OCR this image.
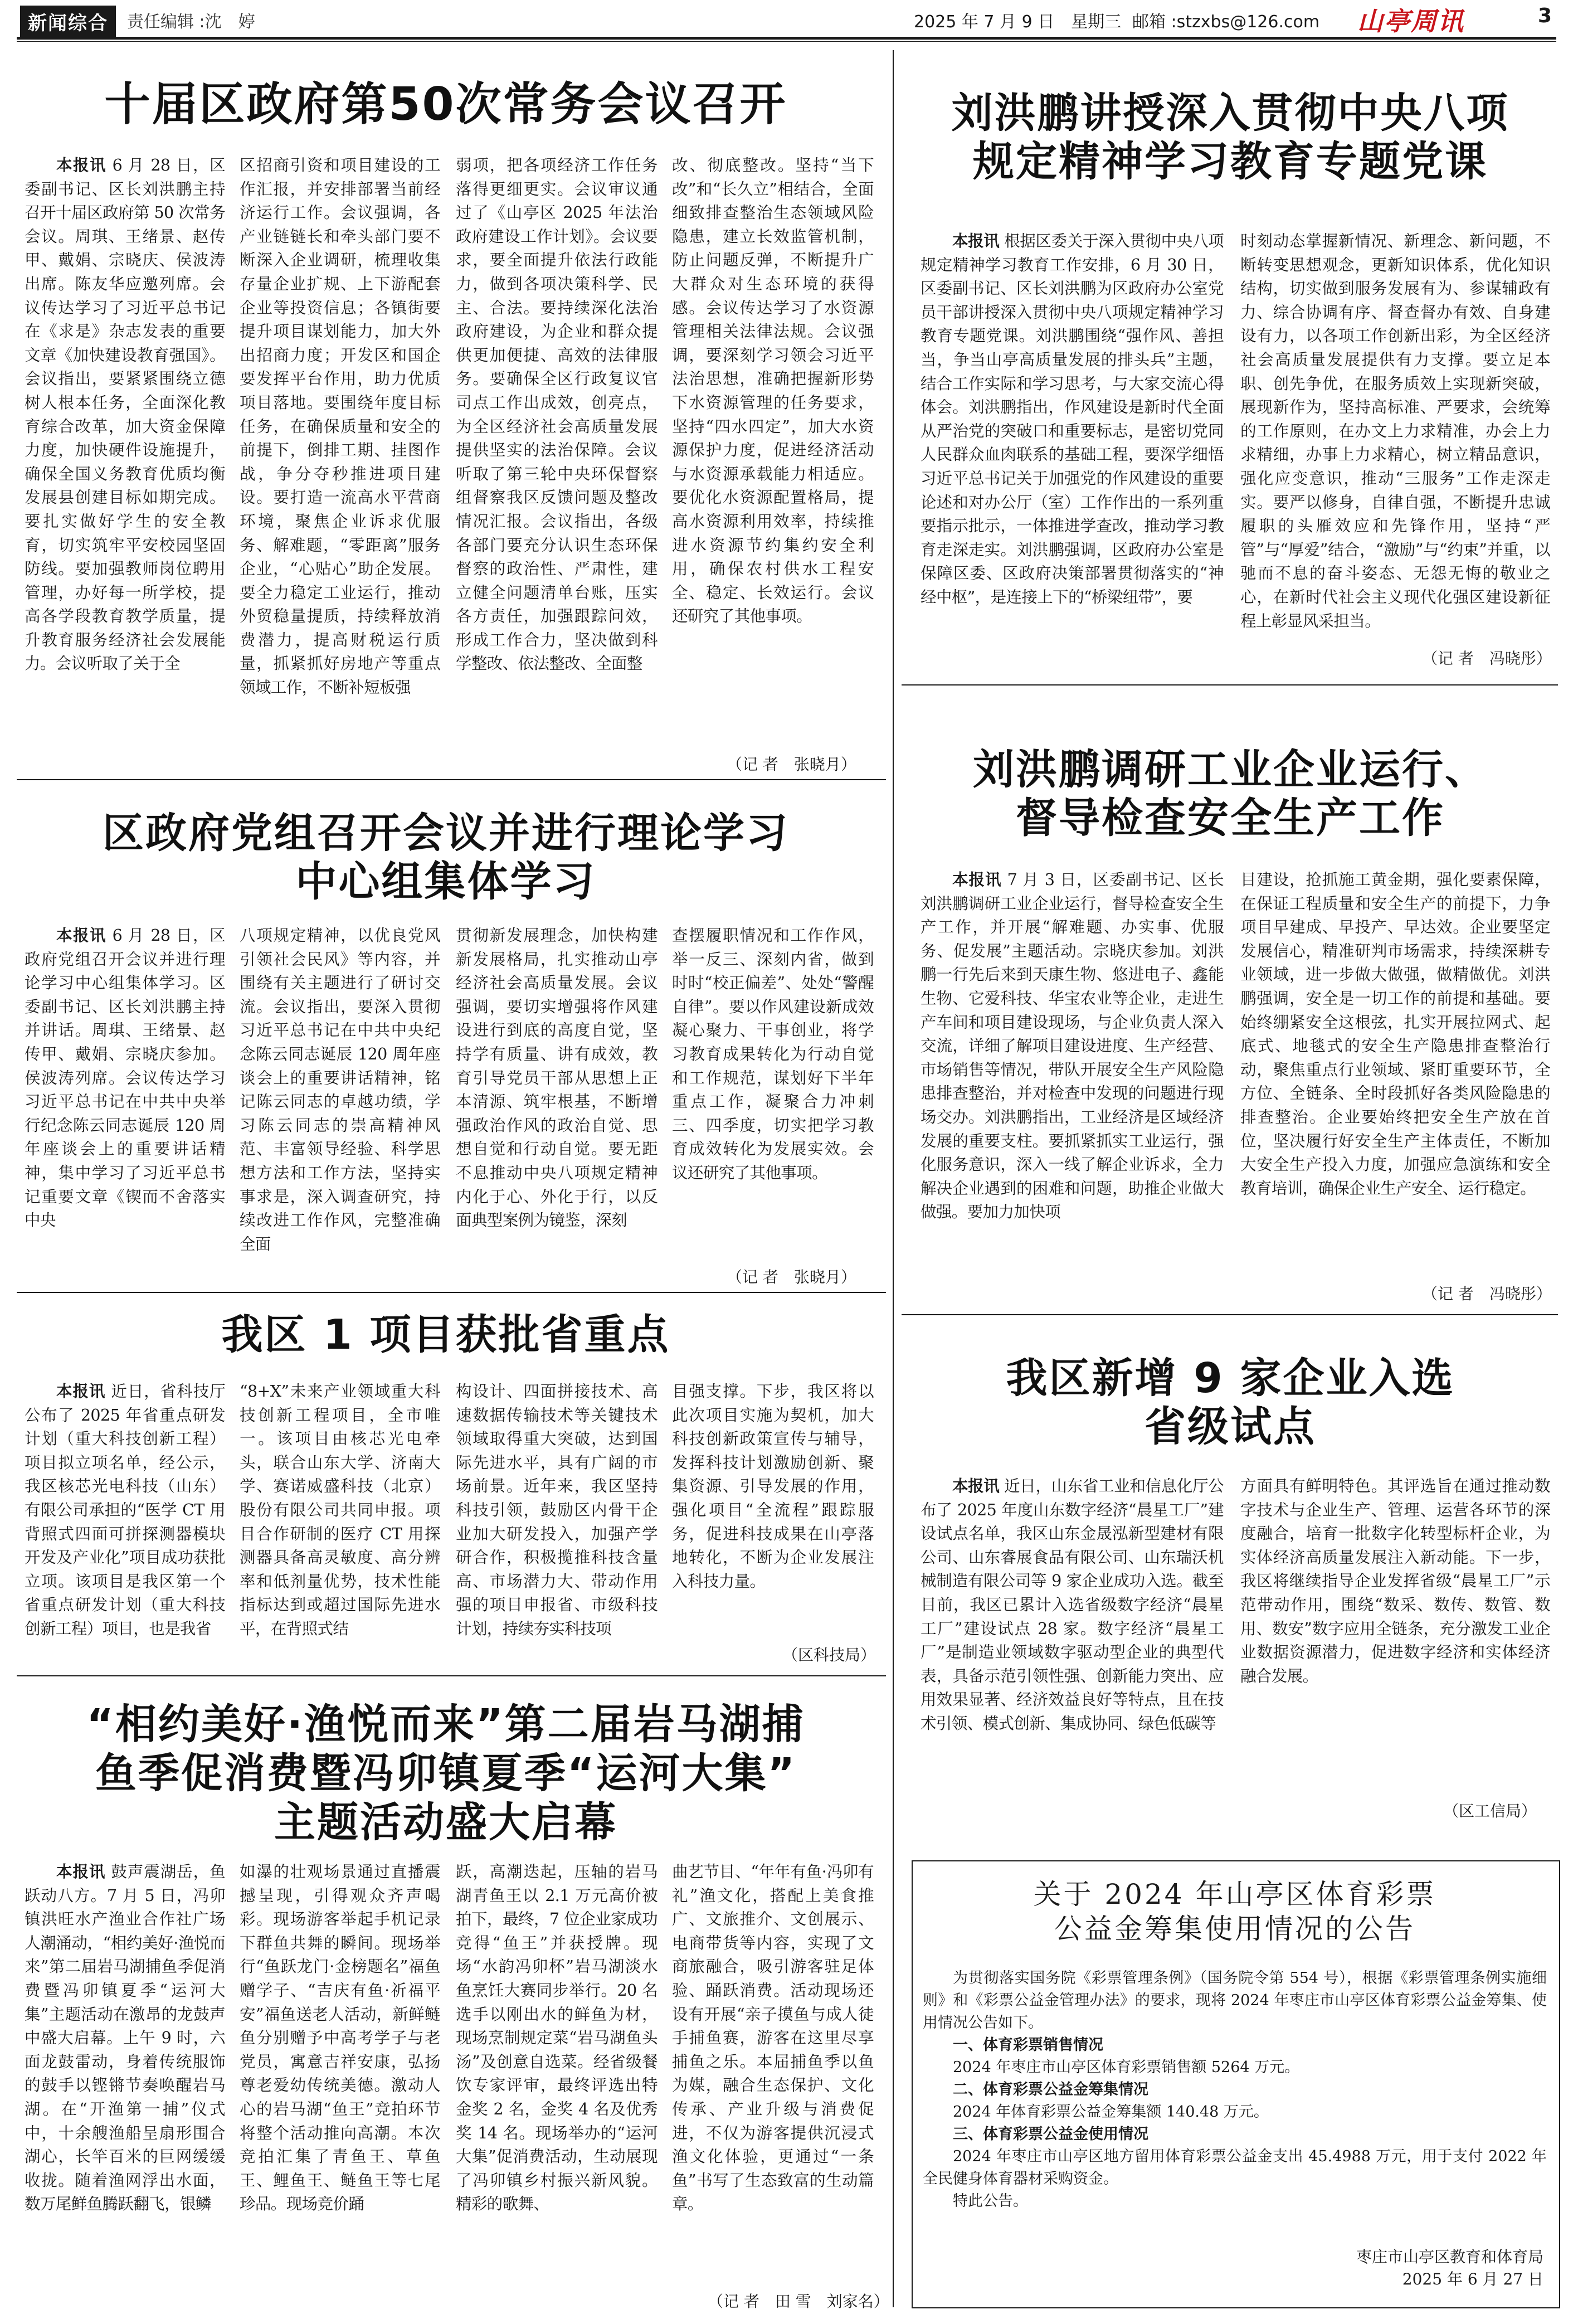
新闻综合	责任编辑 :沈　婷	2025 年 7 月 9 日　星期三 邮箱 :stzxbs@126.com 山亭周讯	3
十届区政府第50次常务会议召开

本报讯 6 月 28 日，区委副书记、区长刘洪鹏主持召开十届区政府第 50 次常务会议。周琪、王绪景、赵传甲、戴娟、宗晓庆、侯波涛出席。陈友华应邀列席。会议传达学习了习近平总书记在《求是》杂志发表的重要文章《加快建设教育强国》。会议指出，要紧紧围绕立德树人根本任务，全面深化教育综合改革，加大资金保障力度，加快硬件设施提升，确保全国义务教育优质均衡发展县创建目标如期完成。要扎实做好学生的安全教育，切实筑牢平安校园坚固防线。要加强教师岗位聘用管理，办好每一所学校，提高各学段教育教学质量，提升教育服务经济社会发展能力。会议听取了关于全

区招商引资和项目建设的工作汇报，并安排部署当前经济运行工作。会议强调，各产业链链长和牵头部门要不断深入企业调研，梳理收集存量企业扩规、上下游配套企业等投资信息；各镇街要提升项目谋划能力，加大外出招商力度；开发区和国企要发挥平台作用，助力优质项目落地。要围绕年度目标任务，在确保质量和安全的前提下，倒排工期、挂图作战，争分夺秒推进项目建设。要打造一流高水平营商环境，聚焦企业诉求优服务、解难题，“零距离”服务企业，“心贴心”助企发展。要全力稳定工业运行，推动外贸稳量提质，持续释放消费潜力，提高财税运行质量，抓紧抓好房地产等重点领域工作，不断补短板强

弱项，把各项经济工作任务落得更细更实。会议审议通过了《山亭区 2025 年法治政府建设工作计划》。会议要求，要全面提升依法行政能力，做到各项决策科学、民主、合法。要持续深化法治政府建设，为企业和群众提供更加便捷、高效的法律服务。要确保全区行政复议官司点工作出成效，创亮点，为全区经济社会高质量发展提供坚实的法治保障。会议听取了第三轮中央环保督察组督察我区反馈问题及整改情况汇报。会议指出，各级各部门要充分认识生态环保督察的政治性、严肃性，建立健全问题清单台账，压实各方责任，加强跟踪问效，形成工作合力，坚决做到科学整改、依法整改、全面整

改、彻底整改。坚持“当下改”和“长久立”相结合，全面细致排查整治生态领域风险隐患，建立长效监管机制，防止问题反弹，不断提升广大群众对生态环境的获得感。会议传达学习了水资源管理相关法律法规。会议强调，要深刻学习领会习近平法治思想，准确把握新形势下水资源管理的任务要求，坚持“四水四定”，加大水资源保护力度，促进经济活动与水资源承载能力相适应。要优化水资源配置格局，提高水资源利用效率，持续推进水资源节约集约安全利用，确保农村供水工程安全、稳定、长效运行。会议还研究了其他事项。

（记 者　张晓月）
刘洪鹏讲授深入贯彻中央八项
规定精神学习教育专题党课

本报讯 根据区委关于深入贯彻中央八项规定精神学习教育工作安排，6 月 30 日，区委副书记、区长刘洪鹏为区政府办公室党员干部讲授深入贯彻中央八项规定精神学习教育专题党课。刘洪鹏围绕“强作风、善担当，争当山亭高质量发展的排头兵”主题，结合工作实际和学习思考，与大家交流心得体会。刘洪鹏指出，作风建设是新时代全面从严治党的突破口和重要标志，是密切党同人民群众血肉联系的基础工程，要深学细悟习近平总书记关于加强党的作风建设的重要论述和对办公厅（室）工作作出的一系列重要指示批示，一体推进学查改，推动学习教育走深走实。刘洪鹏强调，区政府办公室是保障区委、区政府决策部署贯彻落实的“神经中枢”，是连接上下的“桥梁纽带”，要

时刻动态掌握新情况、新理念、新问题，不断转变思想观念，更新知识体系，优化知识结构，切实做到服务发展有为、参谋辅政有力、综合协调有序、督查督办有效、自身建设有力，以各项工作创新出彩，为全区经济社会高质量发展提供有力支撑。要立足本职、创先争优，在服务质效上实现新突破，展现新作为，坚持高标准、严要求，会统筹的工作原则，在办文上力求精准，办会上力求精细，办事上力求精心，树立精品意识，强化应变意识，推动“三服务”工作走深走实。要严以修身，自律自强，不断提升忠诚履职的头雁效应和先锋作用，坚持“严管”与“厚爱”结合，“激励”与“约束”并重，以驰而不息的奋斗姿态、无怨无悔的敬业之心，在新时代社会主义现代化强区建设新征程上彰显风采担当。

（记 者　冯晓彤）
区政府党组召开会议并进行理论学习
中心组集体学习

本报讯 6 月 28 日，区政府党组召开会议并进行理论学习中心组集体学习。区委副书记、区长刘洪鹏主持并讲话。周琪、王绪景、赵传甲、戴娟、宗晓庆参加。侯波涛列席。会议传达学习习近平总书记在中共中央举行纪念陈云同志诞辰 120 周年座谈会上的重要讲话精神，集中学习了习近平总书记重要文章《锲而不舍落实中央

八项规定精神，以优良党风引领社会民风》等内容，并围绕有关主题进行了研讨交流。会议指出，要深入贯彻习近平总书记在中共中央纪念陈云同志诞辰 120 周年座谈会上的重要讲话精神，铭记陈云同志的卓越功绩，学习陈云同志的崇高精神风范、丰富领导经验、科学思想方法和工作方法，坚持实事求是，深入调查研究，持续改进工作作风，完整准确全面

贯彻新发展理念，加快构建新发展格局，扎实推动山亭经济社会高质量发展。会议强调，要切实增强将作风建设进行到底的高度自觉，坚持学有质量、讲有成效，教育引导党员干部从思想上正本清源、筑牢根基，不断增强政治作风的政治自觉、思想自觉和行动自觉。要无距不息推动中央八项规定精神内化于心、外化于行，以反面典型案例为镜鉴，深刻

查摆履职情况和工作作风，举一反三、深刻内省，做到时时“校正偏差”、处处“警醒自律”。要以作风建设新成效凝心聚力、干事创业，将学习教育成果转化为行动自觉和工作规范，谋划好下半年重点工作，凝聚合力冲刺三、四季度，切实把学习教育成效转化为发展实效。会议还研究了其他事项。

（记 者　张晓月）
刘洪鹏调研工业企业运行、
督导检查安全生产工作

本报讯 7 月 3 日，区委副书记、区长刘洪鹏调研工业企业运行，督导检查安全生产工作，并开展“解难题、办实事、优服务、促发展”主题活动。宗晓庆参加。刘洪鹏一行先后来到天康生物、悠进电子、鑫能生物、它爱科技、华宝农业等企业，走进生产车间和项目建设现场，与企业负责人深入交流，详细了解项目建设进度、生产经营、市场销售等情况，带队开展安全生产风险隐患排查整治，并对检查中发现的问题进行现场交办。刘洪鹏指出，工业经济是区域经济发展的重要支柱。要抓紧抓实工业运行，强化服务意识，深入一线了解企业诉求，全力解决企业遇到的困难和问题，助推企业做大做强。要加力加快项

目建设，抢抓施工黄金期，强化要素保障，在保证工程质量和安全生产的前提下，力争项目早建成、早投产、早达效。企业要坚定发展信心，精准研判市场需求，持续深耕专业领域，进一步做大做强，做精做优。刘洪鹏强调，安全是一切工作的前提和基础。要始终绷紧安全这根弦，扎实开展拉网式、起底式、地毯式的安全生产隐患排查整治行动，聚焦重点行业领域、紧盯重要环节，全方位、全链条、全时段抓好各类风险隐患的排查整治。企业要始终把安全生产放在首位，坚决履行好安全生产主体责任，不断加大安全生产投入力度，加强应急演练和安全教育培训，确保企业生产安全、运行稳定。

（记 者　冯晓彤）
我区 1 项目获批省重点

本报讯 近日，省科技厅公布了 2025 年省重点研发计划（重大科技创新工程）项目拟立项名单，经公示，我区核芯光电科技（山东）有限公司承担的“医学 CT 用背照式四面可拼探测器模块开发及产业化”项目成功获批立项。该项目是我区第一个省重点研发计划（重大科技创新工程）项目，也是我省

“8+X”未来产业领域重大科技创新工程项目，全市唯一。该项目由核芯光电牵头，联合山东大学、济南大学、赛诺威盛科技（北京）股份有限公司共同申报。项目合作研制的医疗 CT 用探测器具备高灵敏度、高分辨率和低剂量优势，技术性能指标达到或超过国际先进水平，在背照式结

构设计、四面拼接技术、高速数据传输技术等关键技术领域取得重大突破，达到国际先进水平，具有广阔的市场前景。近年来，我区坚持科技引领，鼓励区内骨干企业加大研发投入，加强产学研合作，积极揽推科技含量高、市场潜力大、带动作用强的项目申报省、市级科技计划，持续夯实科技项

目强支撑。下步，我区将以此次项目实施为契机，加大科技创新政策宣传与辅导，发挥科技计划激励创新、聚集资源、引导发展的作用，强化项目“全流程”跟踪服务，促进科技成果在山亭落地转化，不断为企业发展注入科技力量。

（区科技局）
我区新增 9 家企业入选
省级试点

本报讯 近日，山东省工业和信息化厅公布了 2025 年度山东数字经济“晨星工厂”建设试点名单，我区山东金晟泓新型建材有限公司、山东睿展食品有限公司、山东瑞沃机械制造有限公司等 9 家企业成功入选。截至目前，我区已累计入选省级数字经济“晨星工厂”建设试点 28 家。数字经济“晨星工厂”是制造业领域数字驱动型企业的典型代表，具备示范引领性强、创新能力突出、应用效果显著、经济效益良好等特点，且在技术引领、模式创新、集成协同、绿色低碳等

方面具有鲜明特色。其评选旨在通过推动数字技术与企业生产、管理、运营各环节的深度融合，培育一批数字化转型标杆企业，为实体经济高质量发展注入新动能。下一步，我区将继续指导企业发挥省级“晨星工厂”示范带动作用，围绕“数采、数传、数管、数用、数安”数字应用全链条，充分激发工业企业数据资源潜力，促进数字经济和实体经济融合发展。

（区工信局）
“相约美好·渔悦而来”第二届岩马湖捕
鱼季促消费暨冯卯镇夏季“运河大集”
主题活动盛大启幕

本报讯 鼓声震湖岳，鱼跃动八方。7 月 5 日，冯卯镇洪旺水产渔业合作社广场人潮涌动，“相约美好·渔悦而来”第二届岩马湖捕鱼季促消费暨冯卯镇夏季“运河大集”主题活动在激昂的龙鼓声中盛大启幕。上午 9 时，六面龙鼓雷动，身着传统服饰的鼓手以铿锵节奏唤醒岩马湖。在“开渔第一捕”仪式中，十余艘渔船呈扇形围合湖心，长竿百米的巨网缓缓收拢。随着渔网浮出水面，数万尾鲜鱼腾跃翻飞，银鳞

如瀑的壮观场景通过直播震撼呈现，引得观众齐声喝彩。现场游客举起手机记录下群鱼共舞的瞬间。现场举行“鱼跃龙门·金榜题名”福鱼赠学子、“吉庆有鱼·祈福平安”福鱼送老人活动，新鲜鲢鱼分别赠予中高考学子与老党员，寓意吉祥安康，弘扬尊老爱幼传统美德。激动人心的岩马湖“鱼王”竞拍环节将整个活动推向高潮。本次竞拍汇集了青鱼王、草鱼王、鲤鱼王、鲢鱼王等七尾珍品。现场竞价踊

跃，高潮迭起，压轴的岩马湖青鱼王以 2.1 万元高价被拍下，最终，7 位企业家成功竞得“鱼王”并获授牌。现场“水韵冯卯杯”岩马湖淡水鱼烹饪大赛同步举行。20 名选手以刚出水的鲜鱼为材，现场烹制规定菜“岩马湖鱼头汤”及创意自选菜。经省级餐饮专家评审，最终评选出特金奖 2 名，金奖 4 名及优秀奖 14 名。现场举办的“运河大集”促消费活动，生动展现了冯卯镇乡村振兴新风貌。精彩的歌舞、

曲艺节目、“年年有鱼·冯卯有礼”渔文化，搭配上美食推广、文旅推介、文创展示、电商带货等内容，实现了文商旅融合，吸引游客驻足体验、踊跃消费。活动现场还设有开展“亲子摸鱼与成人徒手捕鱼赛，游客在这里尽享捕鱼之乐。本届捕鱼季以鱼为媒，融合生态保护、文化传承、产业升级与消费促进，不仅为游客提供沉浸式渔文化体验，更通过“一条鱼”书写了生态致富的生动篇章。

（记 者　田 雪　刘家名）
关于 2024 年山亭区体育彩票
公益金筹集使用情况的公告

为贯彻落实国务院《彩票管理条例》（国务院令第 554 号），根据《彩票管理条例实施细则》和《彩票公益金管理办法》的要求，现将 2024 年枣庄市山亭区体育彩票公益金筹集、使用情况公告如下。

一、体育彩票销售情况

2024 年枣庄市山亭区体育彩票销售额 5264 万元。

二、体育彩票公益金筹集情况

2024 年体育彩票公益金筹集额 140.48 万元。

三、体育彩票公益金使用情况

2024 年枣庄市山亭区地方留用体育彩票公益金支出 45.4988 万元，用于支付 2022 年全民健身体育器材采购资金。

特此公告。

枣庄市山亭区教育和体育局
2025 年 6 月 27 日
